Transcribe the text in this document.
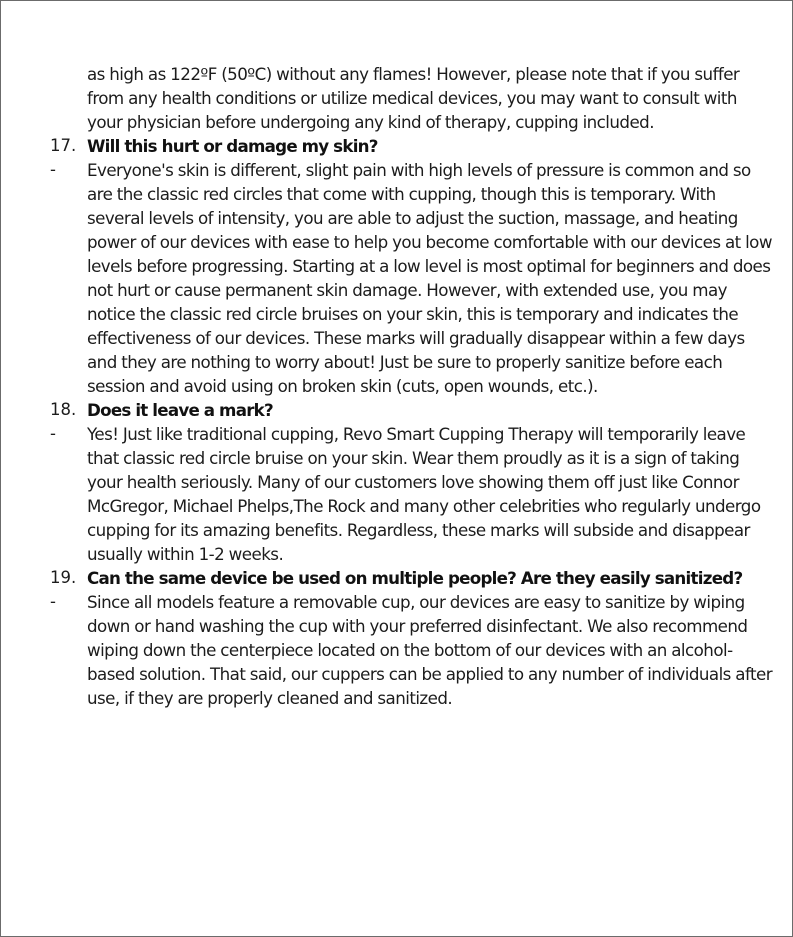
as high as 122ºF (50ºC) without any flames! However, please note that if you suffer from any health conditions or utilize medical devices, you may want to consult with your physician before undergoing any kind of therapy, cupping included.
17. Will this hurt or damage my skin?
-	Everyone's skin is different, slight pain with high levels of pressure is common and so are the classic red circles that come with cupping, though this is temporary. With several levels of intensity, you are able to adjust the suction, massage, and heating power of our devices with ease to help you become comfortable with our devices at low levels before progressing. Starting at a low level is most optimal for beginners and does not hurt or cause permanent skin damage. However, with extended use, you may notice the classic red circle bruises on your skin, this is temporary and indicates the effectiveness of our devices. These marks will gradually disappear within a few days and they are nothing to worry about! Just be sure to properly sanitize before each session and avoid using on broken skin (cuts, open wounds, etc.).
18. Does it leave a mark?
-	Yes! Just like traditional cupping, Revo Smart Cupping Therapy will temporarily leave that classic red circle bruise on your skin. Wear them proudly as it is a sign of taking your health seriously. Many of our customers love showing them off just like Connor McGregor, Michael Phelps,The Rock and many other celebrities who regularly undergo cupping for its amazing benefits. Regardless, these marks will subside and disappear usually within 1-2 weeks.
19. Can the same device be used on multiple people? Are they easily sanitized?
-	Since all models feature a removable cup, our devices are easy to sanitize by wiping down or hand washing the cup with your preferred disinfectant. We also recommend wiping down the centerpiece located on the bottom of our devices with an alcohol-based solution. That said, our cuppers can be applied to any number of individuals after use, if they are properly cleaned and sanitized.
